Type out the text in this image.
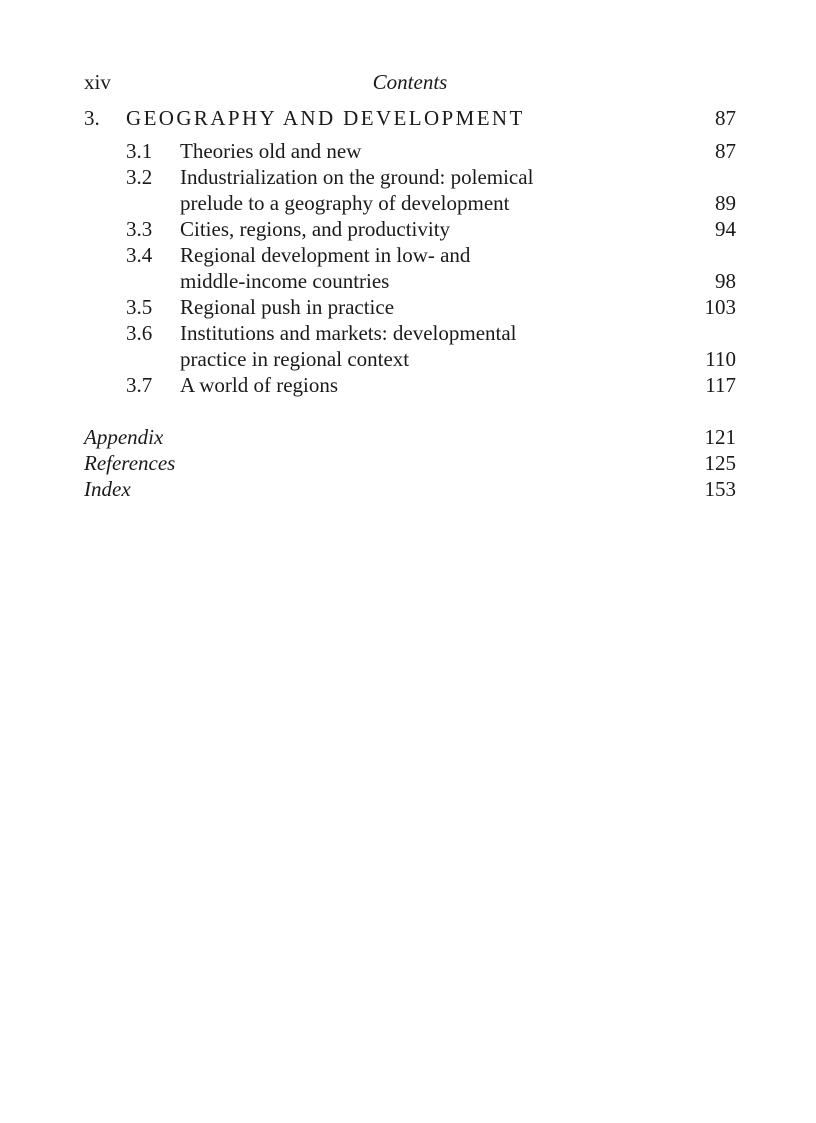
xiv	Contents
3. GEOGRAPHY AND DEVELOPMENT	87
3.1 Theories old and new	87
3.2 Industrialization on the ground: polemical
prelude to a geography of development	89
3.3 Cities, regions, and productivity	94
3.4 Regional development in low- and
middle-income countries	98
3.5 Regional push in practice	103
3.6 Institutions and markets: developmental
practice in regional context	110
3.7 A world of regions	117
Appendix	121
References	125
Index	153
